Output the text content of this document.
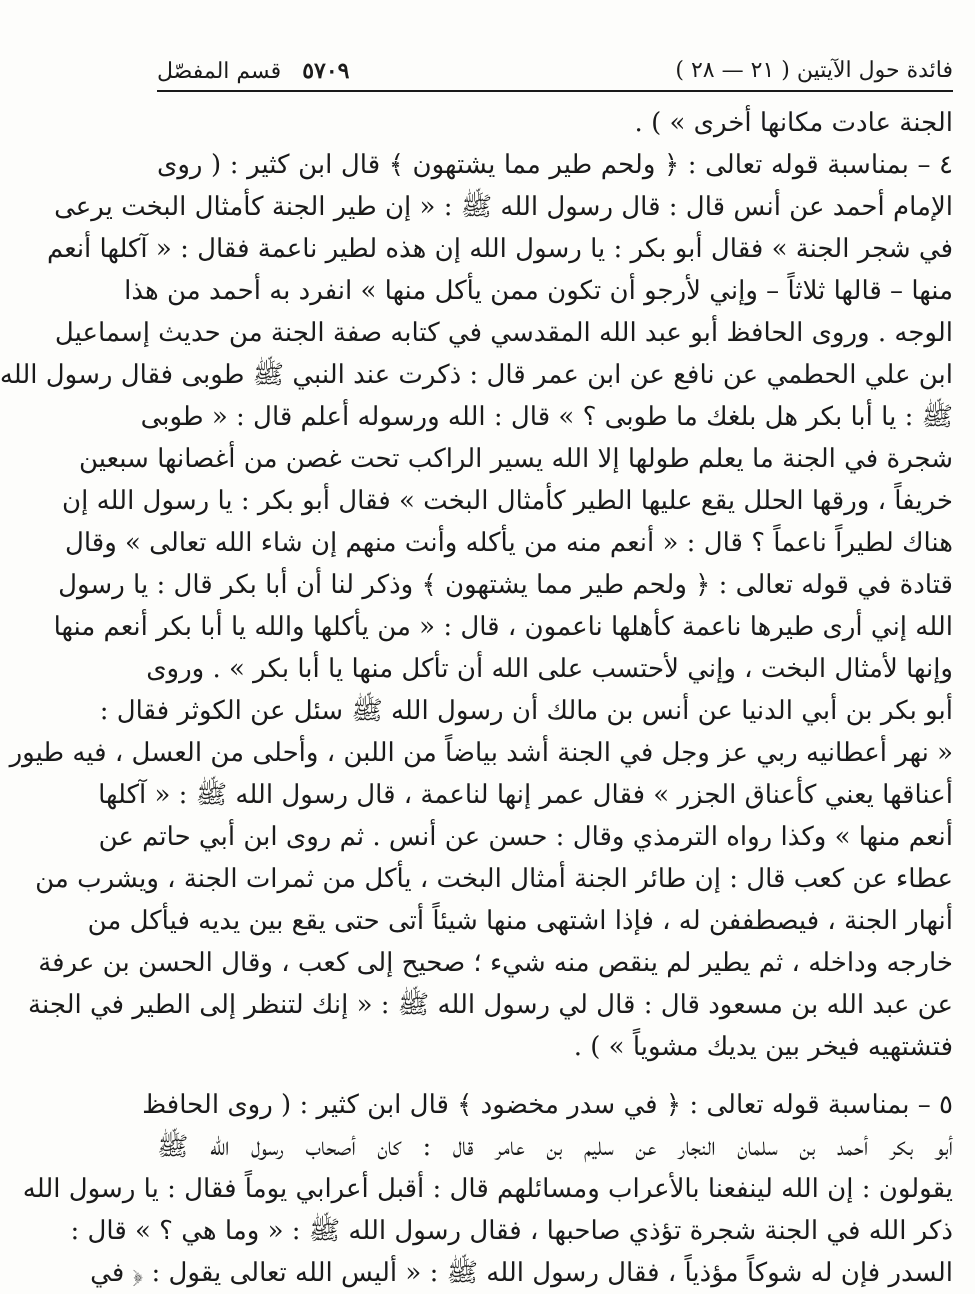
فائدة حول الآيتين ( ٢١ — ٢٨ )
٥٧٠٩ قسم المفصّل
الجنة عادت مكانها أخرى » ) .
٤ – بمناسبة قوله تعالى : ﴿ ولحم طير مما يشتهون ﴾ قال ابن كثير : ( روى
الإمام أحمد عن أنس قال : قال رسول الله ﷺ : « إن طير الجنة كأمثال البخت يرعى
في شجر الجنة » فقال أبو بكر : يا رسول الله إن هذه لطير ناعمة فقال : « آكلها أنعم
منها – قالها ثلاثاً – وإني لأرجو أن تكون ممن يأكل منها » انفرد به أحمد من هذا
الوجه . وروى الحافظ أبو عبد الله المقدسي في كتابه صفة الجنة من حديث إسماعيل
ابن علي الحطمي عن نافع عن ابن عمر قال : ذكرت عند النبي ﷺ طوبى فقال رسول الله
ﷺ : يا أبا بكر هل بلغك ما طوبى ؟ » قال : الله ورسوله أعلم قال : « طوبى
شجرة في الجنة ما يعلم طولها إلا الله يسير الراكب تحت غصن من أغصانها سبعين
خريفاً ، ورقها الحلل يقع عليها الطير كأمثال البخت » فقال أبو بكر : يا رسول الله إن
هناك لطيراً ناعماً ؟ قال : « أنعم منه من يأكله وأنت منهم إن شاء الله تعالى » وقال
قتادة في قوله تعالى : ﴿ ولحم طير مما يشتهون ﴾ وذكر لنا أن أبا بكر قال : يا رسول
الله إني أرى طيرها ناعمة كأهلها ناعمون ، قال : « من يأكلها والله يا أبا بكر أنعم منها
وإنها لأمثال البخت ، وإني لأحتسب على الله أن تأكل منها يا أبا بكر » . وروى
أبو بكر بن أبي الدنيا عن أنس بن مالك أن رسول الله ﷺ سئل عن الكوثر فقال :
« نهر أعطانيه ربي عز وجل في الجنة أشد بياضاً من اللبن ، وأحلى من العسل ، فيه طيور
أعناقها يعني كأعناق الجزر » فقال عمر إنها لناعمة ، قال رسول الله ﷺ : « آكلها
أنعم منها » وكذا رواه الترمذي وقال : حسن عن أنس . ثم روى ابن أبي حاتم عن
عطاء عن كعب قال : إن طائر الجنة أمثال البخت ، يأكل من ثمرات الجنة ، ويشرب من
أنهار الجنة ، فيصطففن له ، فإذا اشتهى منها شيئاً أتى حتى يقع بين يديه فيأكل من
خارجه وداخله ، ثم يطير لم ينقص منه شيء ؛ صحيح إلى كعب ، وقال الحسن بن عرفة
عن عبد الله بن مسعود قال : قال لي رسول الله ﷺ : « إنك لتنظر إلى الطير في الجنة
فتشتهيه فيخر بين يديك مشوياً » ) .
٥ – بمناسبة قوله تعالى : ﴿ في سدر مخضود ﴾ قال ابن كثير : ( روى الحافظ
أبو بكر أحمد بن سلمان النجار عن سليم بن عامر قال : كان أصحاب رسول الله ﷺ
يقولون : إن الله لينفعنا بالأعراب ومسائلهم قال : أقبل أعرابي يوماً فقال : يا رسول الله
ذكر الله في الجنة شجرة تؤذي صاحبها ، فقال رسول الله ﷺ : « وما هي ؟ » قال :
السدر فإن له شوكاً مؤذياً ، فقال رسول الله ﷺ : « أليس الله تعالى يقول : ﴿ في
